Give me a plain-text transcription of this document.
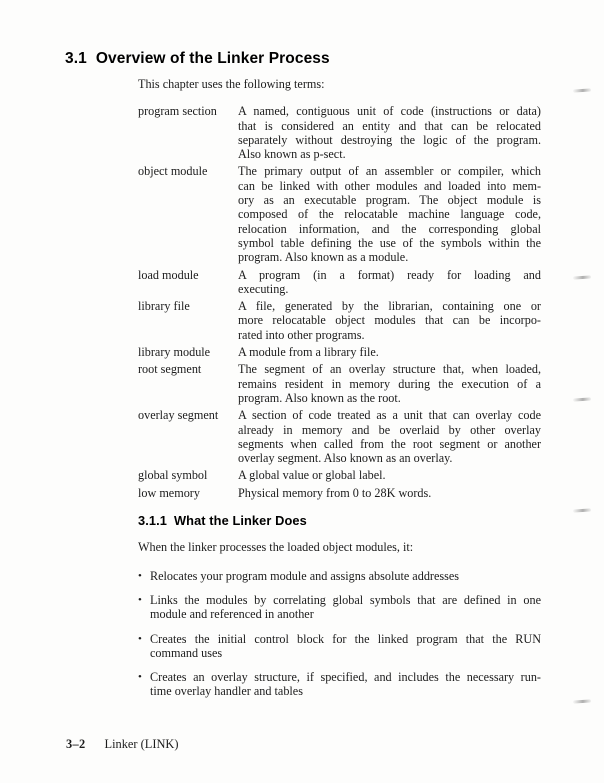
3.1 Overview of the Linker Process

This chapter uses the following terms:

program section	A named, contiguous unit of code (instructions or data)
that is considered an entity and that can be relocated
separately without destroying the logic of the program.
Also known as p-sect.
object module	The primary output of an assembler or compiler, which
can be linked with other modules and loaded into mem-
ory as an executable program. The object module is
composed of the relocatable machine language code,
relocation information, and the corresponding global
symbol table defining the use of the symbols within the
program. Also known as a module.
load module	A program (in a format) ready for loading and
executing.
library file	A file, generated by the librarian, containing one or
more relocatable object modules that can be incorpo-
rated into other programs.
library module	A module from a library file.
root segment	The segment of an overlay structure that, when loaded,
remains resident in memory during the execution of a
program. Also known as the root.
overlay segment	A section of code treated as a unit that can overlay code
already in memory and be overlaid by other overlay
segments when called from the root segment or another
overlay segment. Also known as an overlay.
global symbol	A global value or global label.
low memory	Physical memory from 0 to 28K words.
3.1.1 What the Linker Does

When the linker processes the loaded object modules, it:

• Relocates your program module and assigns absolute addresses
• Links the modules by correlating global symbols that are defined in one
module and referenced in another
• Creates the initial control block for the linked program that the RUN
command uses
• Creates an overlay structure, if specified, and includes the necessary run-
time overlay handler and tables
3–2 Linker (LINK)
